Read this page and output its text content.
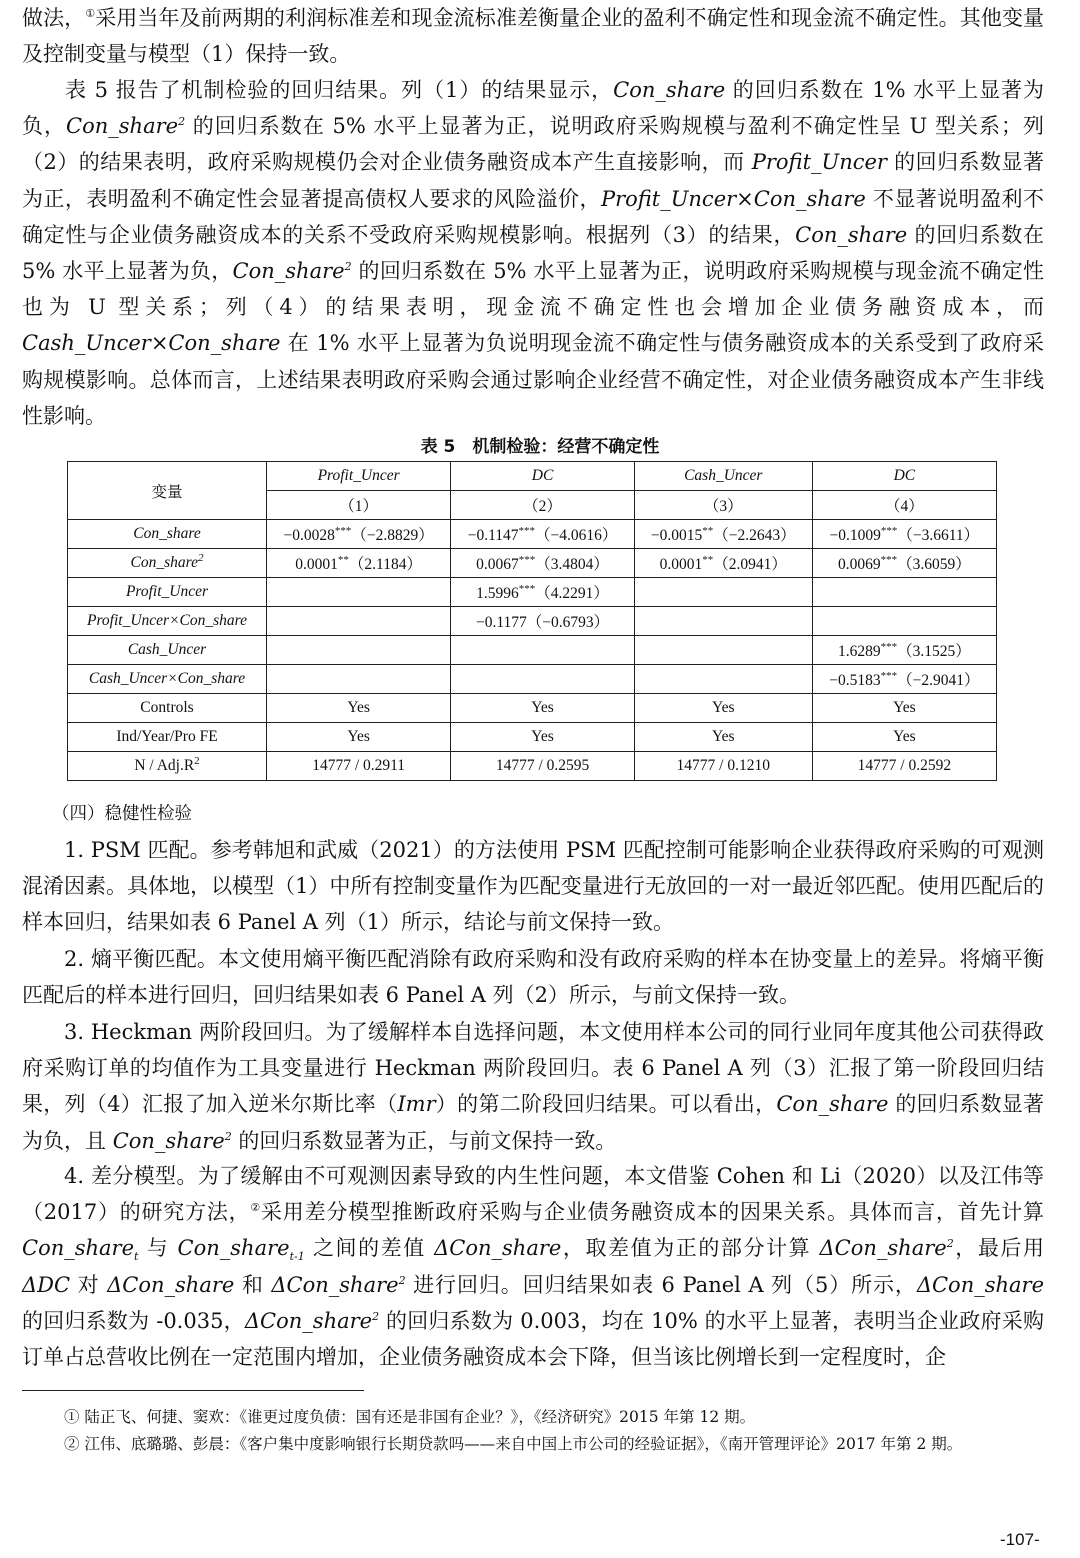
做法，①采用当年及前两期的利润标准差和现金流标准差衡量企业的盈利不确定性和现金流不确定性。其他变量及控制变量与模型（1）保持一致。

表 5 报告了机制检验的回归结果。列（1）的结果显示，Con_share 的回归系数在 1% 水平上显著为负，Con_share$^2$ 的回归系数在 5% 水平上显著为正，说明政府采购规模与盈利不确定性呈 U 型关系；列（2）的结果表明，政府采购规模仍会对企业债务融资成本产生直接影响，而 Profit_Uncer 的回归系数显著为正，表明盈利不确定性会显著提高债权人要求的风险溢价，Profit_Uncer×Con_share 不显著说明盈利不确定性与企业债务融资成本的关系不受政府采购规模影响。根据列（3）的结果，Con_share 的回归系数在 5% 水平上显著为负，Con_share$^2$ 的回归系数在 5% 水平上显著为正，说明政府采购规模与现金流不确定性也为 U 型关系；列（4）的结果表明，现金流不确定性也会增加企业债务融资成本，而 Cash_Uncer×Con_share 在 1% 水平上显著为负说明现金流不确定性与债务融资成本的关系受到了政府采购规模影响。总体而言，上述结果表明政府采购会通过影响企业经营不确定性，对企业债务融资成本产生非线性影响。

表 5　机制检验：经营不确定性
变量	Profit_Uncer	DC	Cash_Uncer	DC
	（1）	（2）	（3）	（4）
Con_share	−0.0028***（−2.8829）	−0.1147***（−4.0616）	−0.0015**（−2.2643）	−0.1009***（−3.6611）
Con_share$^2$	0.0001**（2.1184）	0.0067***（3.4804）	0.0001**（2.0941）	0.0069***（3.6059）
Profit_Uncer		1.5996***（4.2291）		
Profit_Uncer×Con_share		−0.1177（−0.6793）		
Cash_Uncer				1.6289***（3.1525）
Cash_Uncer×Con_share				−0.5183***（−2.9041）
Controls	Yes	Yes	Yes	Yes
Ind/Year/Pro FE	Yes	Yes	Yes	Yes
N / $Adj.R^2$	14777 / 0.2911	14777 / 0.2595	14777 / 0.1210	14777 / 0.2592
（四）稳健性检验

1. PSM 匹配。参考韩旭和武威（2021）的方法使用 PSM 匹配控制可能影响企业获得政府采购的可观测混淆因素。具体地，以模型（1）中所有控制变量作为匹配变量进行无放回的一对一最近邻匹配。使用匹配后的样本回归，结果如表 6 Panel A 列（1）所示，结论与前文保持一致。

2. 熵平衡匹配。本文使用熵平衡匹配消除有政府采购和没有政府采购的样本在协变量上的差异。将熵平衡匹配后的样本进行回归，回归结果如表 6 Panel A 列（2）所示，与前文保持一致。

3. Heckman 两阶段回归。为了缓解样本自选择问题，本文使用样本公司的同行业同年度其他公司获得政府采购订单的均值作为工具变量进行 Heckman 两阶段回归。表 6 Panel A 列（3）汇报了第一阶段回归结果，列（4）汇报了加入逆米尔斯比率（Imr）的第二阶段回归结果。可以看出，Con_share 的回归系数显著为负，且 Con_share$^2$ 的回归系数显著为正，与前文保持一致。

4. 差分模型。为了缓解由不可观测因素导致的内生性问题，本文借鉴 Cohen 和 Li（2020）以及江伟等（2017）的研究方法，②采用差分模型推断政府采购与企业债务融资成本的因果关系。具体而言，首先计算 Con_share$_t$ 与 Con_share$_{t-1}$ 之间的差值 ΔCon_share，取差值为正的部分计算 ΔCon_share$^2$，最后用 ΔDC 对 ΔCon_share 和 ΔCon_share$^2$ 进行回归。回归结果如表 6 Panel A 列（5）所示，ΔCon_share 的回归系数为 -0.035，ΔCon_share$^2$ 的回归系数为 0.003，均在 10% 的水平上显著，表明当企业政府采购订单占总营收比例在一定范围内增加，企业债务融资成本会下降，但当该比例增长到一定程度时，企

① 陆正飞、何捷、窦欢：《谁更过度负债：国有还是非国有企业？》，《经济研究》2015 年第 12 期。

② 江伟、底璐璐、彭晨：《客户集中度影响银行长期贷款吗——来自中国上市公司的经验证据》，《南开管理评论》2017 年第 2 期。

-107-
